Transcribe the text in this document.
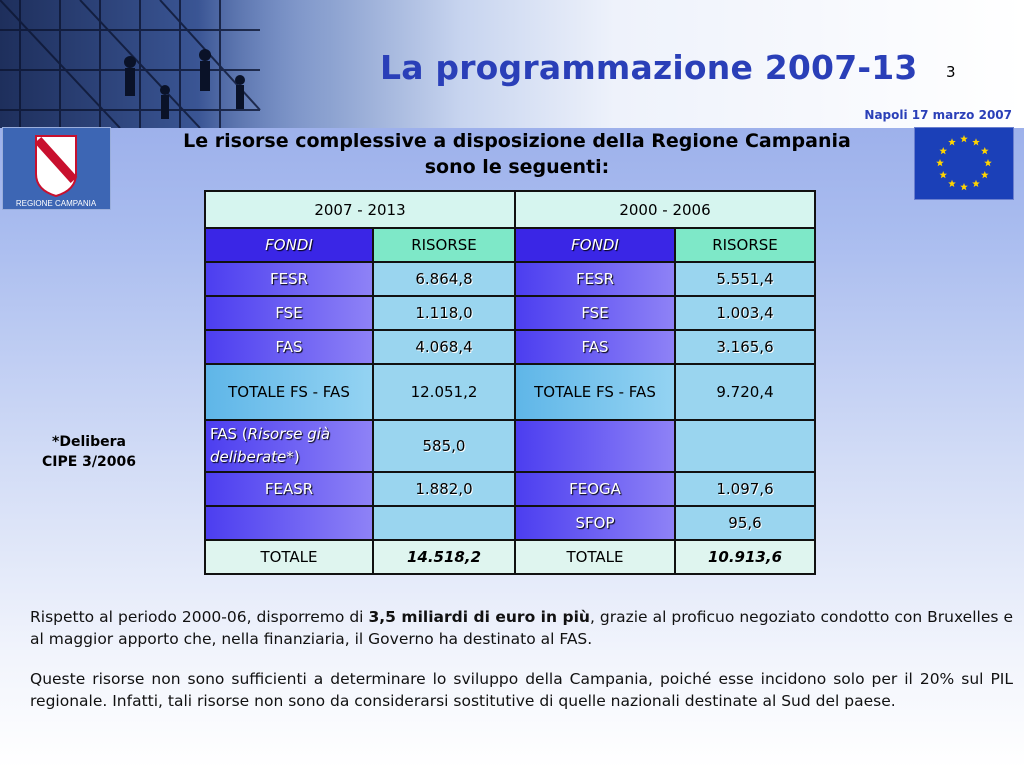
La programmazione 2007-13 3
Napoli 17 marzo 2007
REGIONE CAMPANIA
Le risorse complessive a disposizione della Regione Campania
sono le seguenti:
*Delibera
CIPE 3/2006
2007 - 2013		2000 - 2006	
FONDI	RISORSE	FONDI	RISORSE
FESR	6.864,8	FESR	5.551,4
FSE	1.118,0	FSE	1.003,4
FAS	4.068,4	FAS	3.165,6
TOTALE FS - FAS	12.051,2	TOTALE FS - FAS	9.720,4
FAS (Risorse già deliberate*)	585,0		
FEASR	1.882,0	FEOGA	1.097,6
		SFOP	95,6
TOTALE	14.518,2	TOTALE	10.913,6
Rispetto al periodo 2000-06, disporremo di 3,5 miliardi di euro in più, grazie al proficuo negoziato condotto con Bruxelles e al maggior apporto che, nella finanziaria, il Governo ha destinato al FAS.
Queste risorse non sono sufficienti a determinare lo sviluppo della Campania, poiché esse incidono solo per il 20% sul PIL regionale. Infatti, tali risorse non sono da considerarsi sostitutive di quelle nazionali destinate al Sud del paese.
